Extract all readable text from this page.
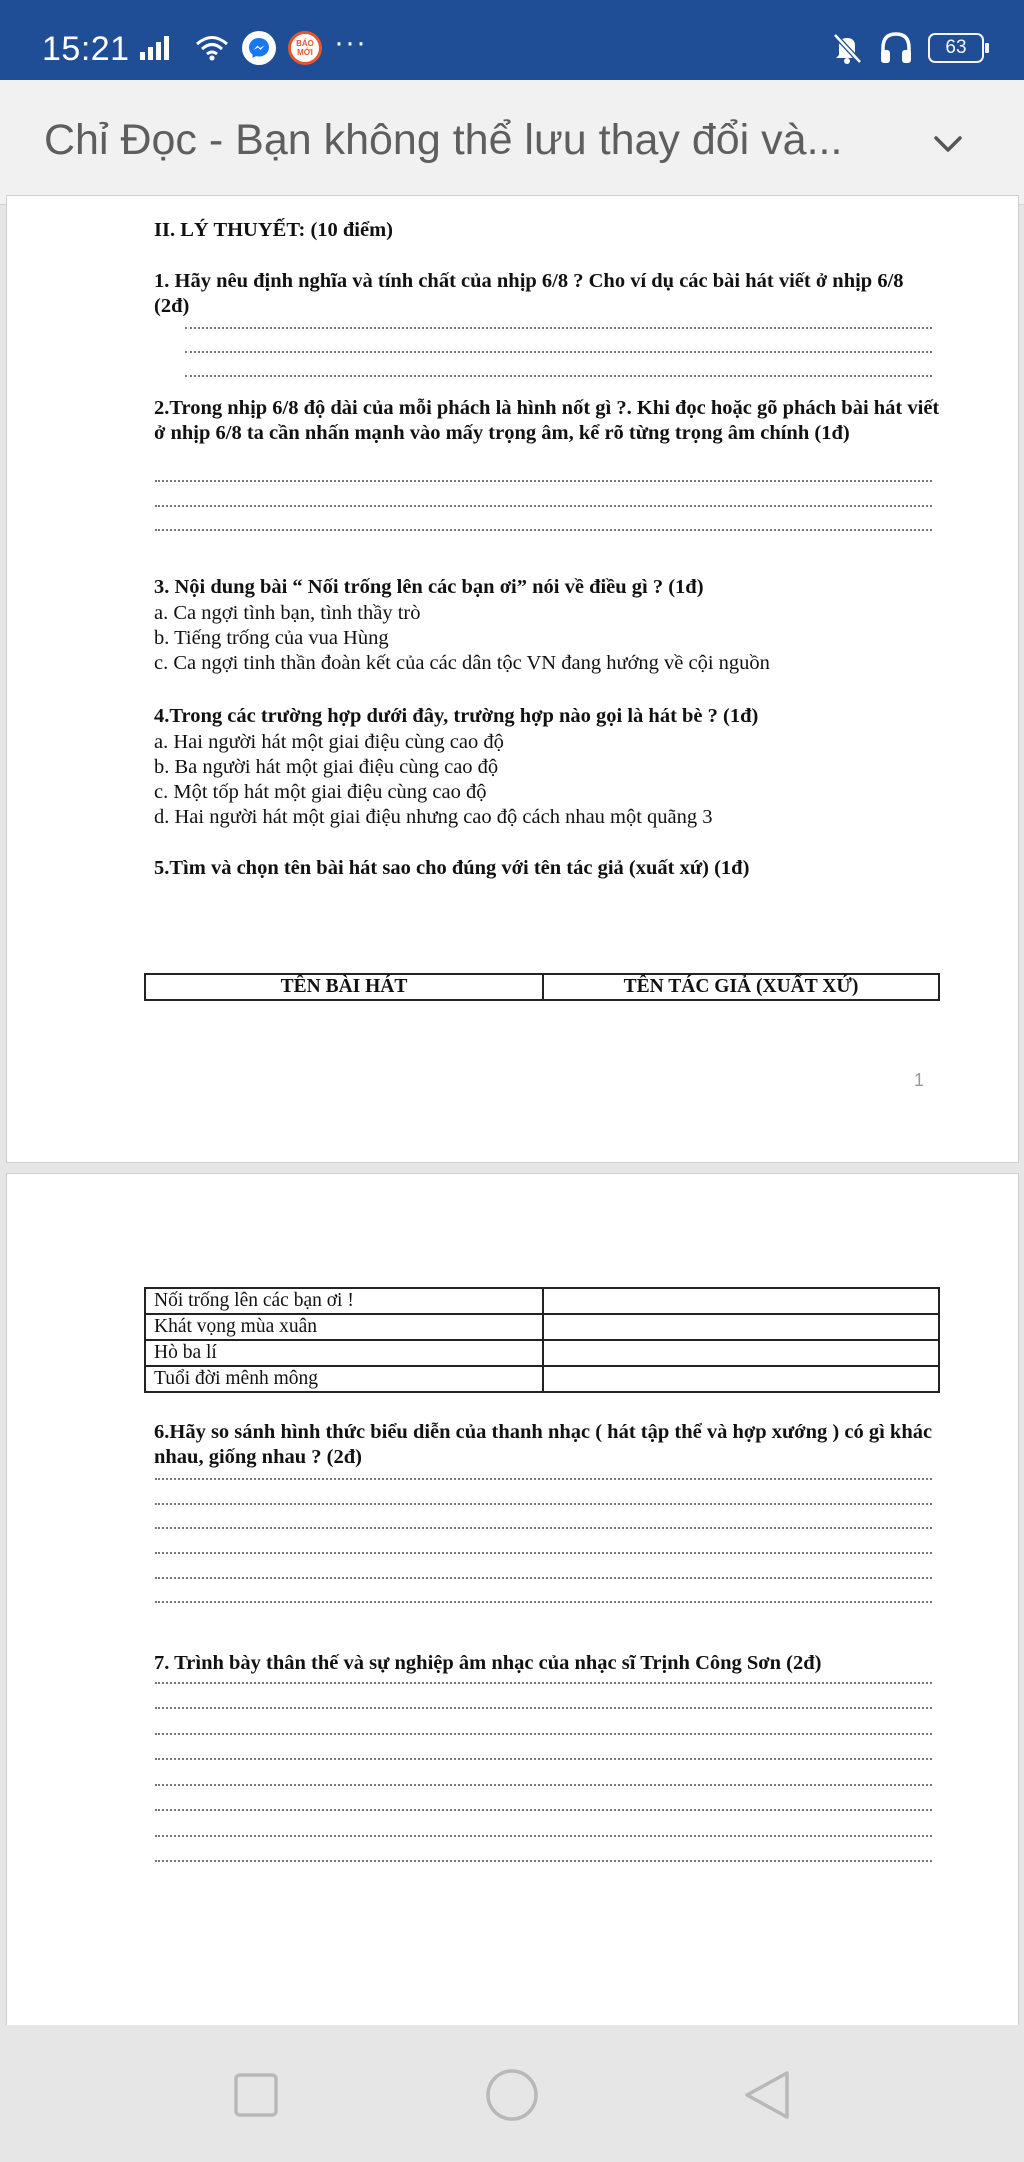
15:21	BÁO MỚI ···	63
Chỉ Đọc - Bạn không thể lưu thay đổi và...
II. LÝ THUYẾT: (10 điểm)
1. Hãy nêu định nghĩa và tính chất của nhịp 6/8 ? Cho ví dụ các bài hát viết ở nhịp 6/8 (2đ)
2.Trong nhịp 6/8 độ dài của mỗi phách là hình nốt gì ?. Khi đọc hoặc gõ phách bài hát viết ở nhịp 6/8 ta cần nhấn mạnh vào mấy trọng âm, kể rõ từng trọng âm chính (1đ)
3. Nội dung bài “ Nối trống lên các bạn ơi” nói về điều gì ? (1đ)
a. Ca ngợi tình bạn, tình thầy trò
b. Tiếng trống của vua Hùng
c. Ca ngợi tinh thần đoàn kết của các dân tộc VN đang hướng về cội nguồn
4.Trong các trường hợp dưới đây, trường hợp nào gọi là hát bè ? (1đ)
a. Hai người hát một giai điệu cùng cao độ
b. Ba người hát một giai điệu cùng cao độ
c. Một tốp hát một giai điệu cùng cao độ
d. Hai người hát một giai điệu nhưng cao độ cách nhau một quãng 3
5.Tìm và chọn tên bài hát sao cho đúng với tên tác giả (xuất xứ) (1đ)
TÊN BÀI HÁT	TÊN TÁC GIẢ (XUẤT XỨ)
1
Nối trống lên các bạn ơi !	
Khát vọng mùa xuân	
Hò ba lí	
Tuổi đời mênh mông	
6.Hãy so sánh hình thức biểu diễn của thanh nhạc ( hát tập thể và hợp xướng ) có gì khác nhau, giống nhau ? (2đ)
7. Trình bày thân thế và sự nghiệp âm nhạc của nhạc sĩ Trịnh Công Sơn (2đ)
